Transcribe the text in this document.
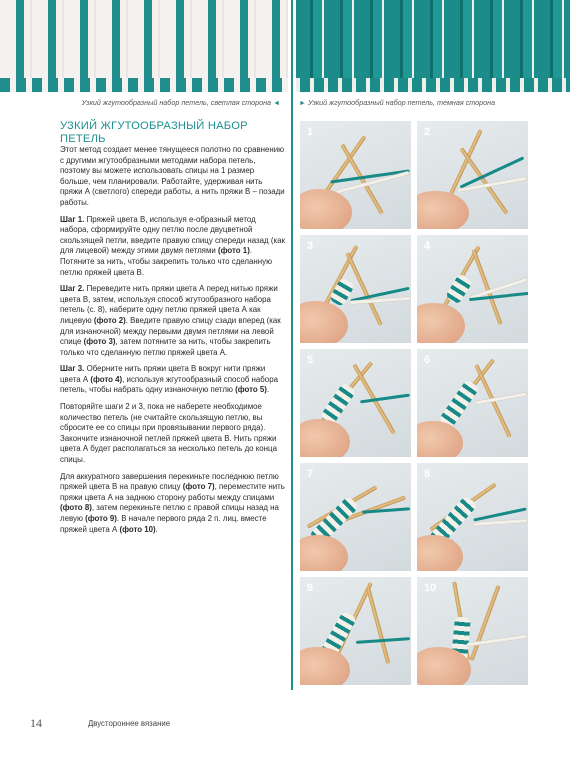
Узкий жгутообразный набор петель, светлая сторона ◄	► Узкий жгутообразный набор петель, темная сторона
УЗКИЙ ЖГУТООБРАЗНЫЙ НАБОР ПЕТЕЛЬ

Этот метод создает менее тянущееся полотно по сравнению с другими жгутообразными методами набора петель, поэтому вы можете использовать спицы на 1 размер больше, чем планировали. Работайте, удерживая нить пряжи А (светлого) спереди работы, а нить пряжи В – позади работы.

Шаг 1. Пряжей цвета В, используя е-образный метод набора, сформируйте одну петлю после двуцветной скользящей петли, введите правую спицу спереди назад (как для лицевой) между этими двумя петлями (фото 1). Потяните за нить, чтобы закрепить только что сделанную петлю пряжей цвета В.

Шаг 2. Переведите нить пряжи цвета А перед нитью пряжи цвета В, затем, используя способ жгутообразного набора петель (с. 8), наберите одну петлю пряжей цвета А как лицевую (фото 2). Введите правую спицу сзади вперед (как для изнаночной) между первыми двумя петлями на левой спице (фото 3), затем потяните за нить, чтобы закрепить только что сделанную петлю пряжей цвета А.

Шаг 3. Оберните нить пряжи цвета В вокруг нити пряжи цвета А (фото 4), используя жгутообразный способ набора петель, чтобы набрать одну изнаночную петлю (фото 5).

Повторяйте шаги 2 и 3, пока не наберете необходимое количество петель (не считайте скользящую петлю, вы сбросите ее со спицы при провязывании первого ряда). Закончите изнаночной петлей пряжей цвета В. Нить пряжи цвета А будет располагаться за несколько петель до конца спицы.

Для аккуратного завершения перекиньте последнюю петлю пряжей цвета В на правую спицу (фото 7), переместите нить пряжи цвета А на заднюю сторону работы между спицами (фото 8), затем перекиньте петлю с правой спицы назад на левую (фото 9). В начале первого ряда 2 п. лиц. вместе пряжей цвета А (фото 10).

1	2
3	4
5	6
7	8
9	10
14	Двустороннее вязание
